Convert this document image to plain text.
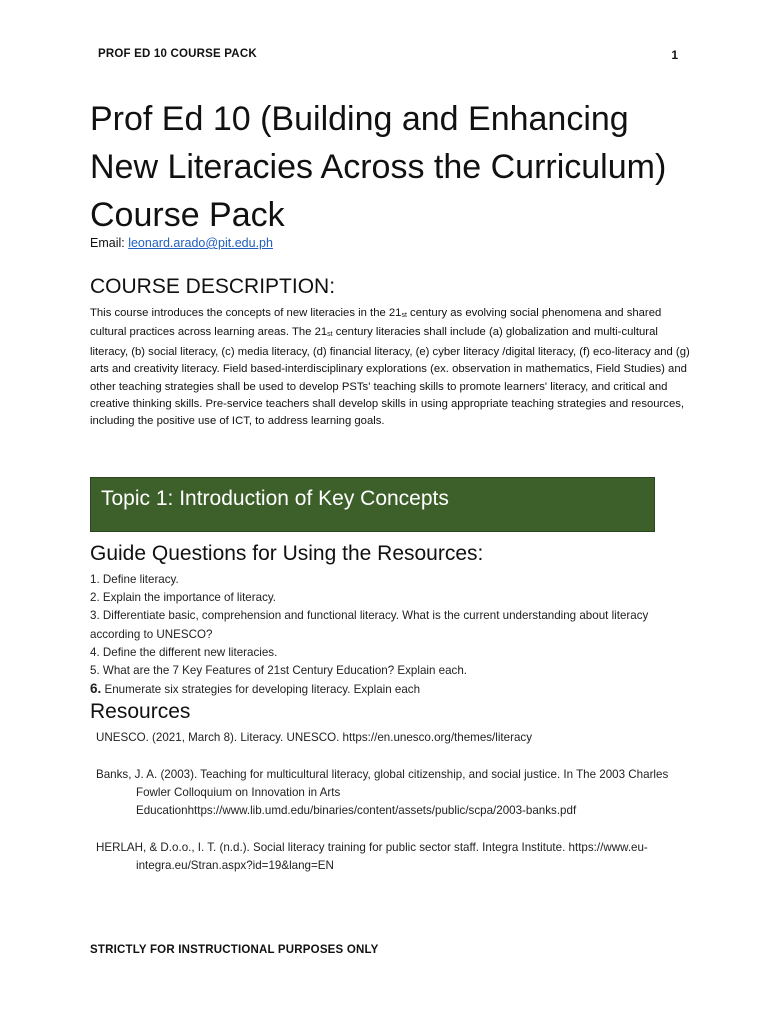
PROF ED 10 COURSE PACK	1
Prof Ed 10 (Building and Enhancing New Literacies Across the Curriculum) Course Pack
Email: leonard.arado@pit.edu.ph
COURSE DESCRIPTION:

This course introduces the concepts of new literacies in the $21_{st}$ century as evolving social phenomena and shared cultural practices across learning areas. The $21_{st}$ century literacies shall include (a) globalization and multi-cultural literacy, (b) social literacy, (c) media literacy, (d) financial literacy, (e) cyber literacy /digital literacy, (f) eco-literacy and (g) arts and creativity literacy. Field based-interdisciplinary explorations (ex. observation in mathematics, Field Studies) and other teaching strategies shall be used to develop PSTs' teaching skills to promote learners' literacy, and critical and creative thinking skills. Pre-service teachers shall develop skills in using appropriate teaching strategies and resources, including the positive use of ICT, to address learning goals.

Topic 1: Introduction of Key Concepts
Guide Questions for Using the Resources:
1. Define literacy.
2. Explain the importance of literacy.
3. Differentiate basic, comprehension and functional literacy. What is the current understanding about literacy according to UNESCO?
4. Define the different new literacies.
5. What are the 7 Key Features of 21st Century Education? Explain each.
6. Enumerate six strategies for developing literacy. Explain each
Resources
UNESCO. (2021, March 8). Literacy. UNESCO. https://en.unesco.org/themes/literacy
Banks, J. A. (2003). Teaching for multicultural literacy, global citizenship, and social justice. In The 2003 Charles Fowler Colloquium on Innovation in Arts Educationhttps://www.lib.umd.edu/binaries/content/assets/public/scpa/2003-banks.pdf
HERLAH, & D.o.o., I. T. (n.d.). Social literacy training for public sector staff. Integra Institute. https://www.eu-integra.eu/Stran.aspx?id=19&lang=EN
STRICTLY FOR INSTRUCTIONAL PURPOSES ONLY
